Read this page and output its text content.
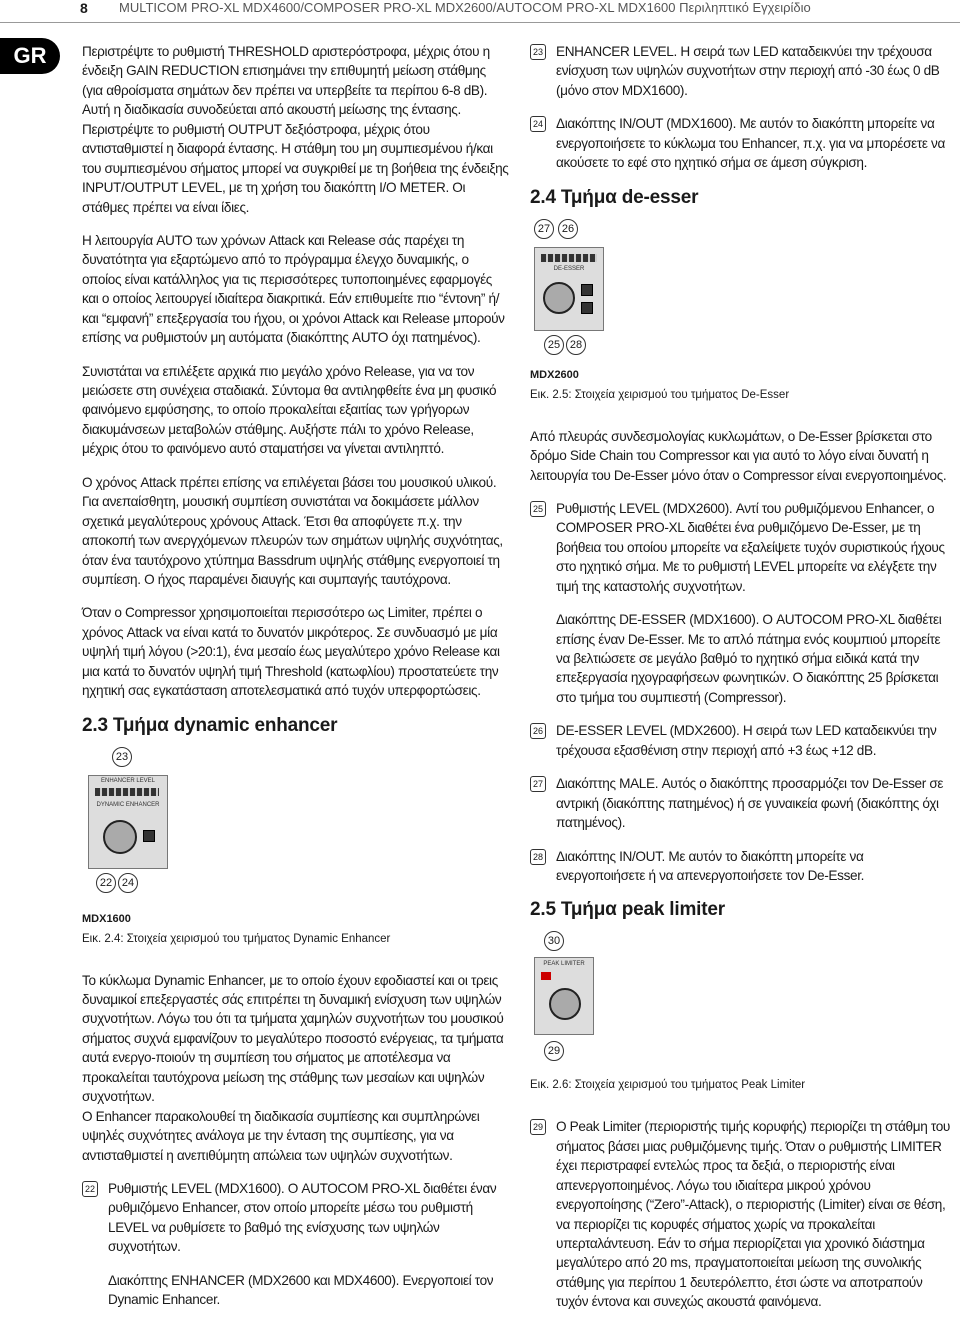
8 MULTICOM PRO-XL MDX4600/COMPOSER PRO-XL MDX2600/AUTOCOM PRO-XL MDX1600 Περιληπτικό Εγχειρίδιο
GR	Περιστρέψτε το ρυθμιστή THRESHOLD αριστερόστροφα, μέχρις ότου η ένδειξη GAIN REDUCTION επισημάνει την επιθυμητή μείωση στάθμης (για αθροίσματα σημάτων δεν πρέπει να υπερβείτε τα περίπου 6-8 dB). Αυτή η διαδικασία συνοδεύεται από ακουστή μείωσης της έντασης. Περιστρέψτε το ρυθμιστή OUTPUT δεξιόστροφα, μέχρις ότου αντισταθμιστεί η διαφορά έντασης. Η στάθμη του μη συμπιεσμένου ή/και του συμπιεσμένου σήματος μπορεί να συγκριθεί με τη βοήθεια της ένδειξης INPUT/OUTPUT LEVEL, με τη χρήση του διακόπτη I/O METER. Οι στάθμες πρέπει να είναι ίδιες.

Η λειτουργία AUTO των χρόνων Attack και Release σάς παρέχει τη δυνατότητα για εξαρτώμενο από το πρόγραμμα έλεγχο δυναμικής, ο οποίος είναι κατάλληλος για τις περισσότερες τυποποιημένες εφαρμογές και ο οποίος λειτουργεί ιδιαίτερα διακριτικά. Εάν επιθυμείτε πιο “έντονη” ή/και “εμφανή” επεξεργασία του ήχου, οι χρόνοι Attack και Release μπορούν επίσης να ρυθμιστούν μη αυτόματα (διακόπτης AUTO όχι πατημένος).

Συνιστάται να επιλέξετε αρχικά πιο μεγάλο χρόνο Release, για να τον μειώσετε στη συνέχεια σταδιακά. Σύντομα θα αντιληφθείτε ένα μη φυσικό φαινόμενο εμφύσησης, το οποίο προκαλείται εξαιτίας των γρήγορων διακυμάνσεων μεταβολών στάθμης. Αυξήστε πάλι το χρόνο Release, μέχρις ότου το φαινόμενο αυτό σταματήσει να γίνεται αντιληπτό.

Ο χρόνος Attack πρέπει επίσης να επιλέγεται βάσει του μουσικού υλικού. Για ανεπαίσθητη, μουσική συμπίεση συνιστάται να δοκιμάσετε μάλλον σχετικά μεγαλύτερους χρόνους Attack. Έτσι θα αποφύγετε π.χ. την αποκοπή των ανεργχόμενων πλευρών των σημάτων υψηλής συχνότητας, όταν ένα ταυτόχρονο χτύπημα Bassdrum υψηλής στάθμης ενεργοποιεί τη συμπίεση. Ο ήχος παραμένει διαυγής και συμπαγής ταυτόχρονα.

Όταν ο Compressor χρησιμοποιείται περισσότερο ως Limiter, πρέπει ο χρόνος Attack να είναι κατά το δυνατόν μικρότερος. Σε συνδυασμό με μία υψηλή τιμή λόγου (>20:1), ένα μεσαίο έως μεγαλύτερο χρόνο Release και μια κατά το δυνατόν υψηλή τιμή Threshold (κατωφλίου) προστατεύετε την ηχητική σας εγκατάσταση αποτελεσματικά από τυχόν υπερφορτώσεις.

2.3 Τμήμα dynamic enhancer
23
ENHANCER LEVEL
DYNAMIC ENHANCER
22 24
MDX1600
Εικ. 2.4: Στοιχεία χειρισμού του τμήματος Dynamic Enhancer

Το κύκλωμα Dynamic Enhancer, με το οποίο έχουν εφοδιαστεί και οι τρεις δυναμικοί επεξεργαστές σάς επιτρέπει τη δυναμική ενίσχυση των υψηλών συχνοτήτων. Λόγω του ότι τα τμήματα χαμηλών συχνοτήτων του μουσικού σήματος συχνά εμφανίζουν το μεγαλύτερο ποσοστό ενέργειας, τα τμήματα αυτά ενεργο-ποιούν τη συμπίεση του σήματος με αποτέλεσμα να προκαλείται ταυτόχρονα μείωση της στάθμης των μεσαίων και υψηλών συχνοτήτων.

Ο Enhancer παρακολουθεί τη διαδικασία συμπίεσης και συμπληρώνει υψηλές συχνότητες ανάλογα με την ένταση της συμπίεσης, για να αντισταθμιστεί η ανεπιθύμητη απώλεια των υψηλών συχνοτήτων.

22 Ρυθμιστής LEVEL (MDX1600). Ο AUTOCOM PRO-XL διαθέτει έναν ρυθμιζόμενο Enhancer, στον οποίο μπορείτε μέσω του ρυθμιστή LEVEL να ρυθμίσετε το βαθμό της ενίσχυσης των υψηλών συχνοτήτων.

Διακόπτης ENHANCER (MDX2600 και MDX4600). Ενεργοποιεί τον Dynamic Enhancer.

23 ENHANCER LEVEL. Η σειρά των LED καταδεικνύει την τρέχουσα ενίσχυση των υψηλών συχνοτήτων στην περιοχή από -30 έως 0 dB (μόνο στον MDX1600).

24 Διακόπτης IN/OUT (MDX1600). Με αυτόν το διακόπτη μπορείτε να ενεργοποιήσετε το κύκλωμα του Enhancer, π.χ. για να μπορέσετε να ακούσετε το εφέ στο ηχητικό σήμα σε άμεση σύγκριση.

2.4 Τμήμα de-esser
27	26
DE-ESSER
25 28
MDX2600
Εικ. 2.5: Στοιχεία χειρισμού του τμήματος De-Esser

Από πλευράς συνδεσμολογίας κυκλωμάτων, ο De-Esser βρίσκεται στο δρόμο Side Chain του Compressor και για αυτό το λόγο είναι δυνατή η λειτουργία του De-Esser μόνο όταν ο Compressor είναι ενεργοποιημένος.

25 Ρυθμιστής LEVEL (MDX2600). Αντί του ρυθμιζόμενου Enhancer, ο COMPOSER PRO-XL διαθέτει ένα ρυθμιζόμενο De-Esser, με τη βοήθεια του οποίου μπορείτε να εξαλείψετε τυχόν συριστικούς ήχους στο ηχητικό σήμα. Με το ρυθμιστή LEVEL μπορείτε να ελέγξετε την τιμή της καταστολής συχνοτήτων.

Διακόπτης DE-ESSER (MDX1600). Ο AUTOCOM PRO-XL διαθέτει επίσης έναν De-Esser. Με το απλό πάτημα ενός κουμπιού μπορείτε να βελτιώσετε σε μεγάλο βαθμό το ηχητικό σήμα ειδικά κατά την επεξεργασία ηχογραφήσεων φωνητικών. Ο διακόπτης 25 βρίσκεται στο τμήμα του συμπιεστή (Compressor).

26 DE-ESSER LEVEL (MDX2600). Η σειρά των LED καταδεικνύει την τρέχουσα εξασθένιση στην περιοχή από +3 έως +12 dB.

27 Διακόπτης MALE. Αυτός ο διακόπτης προσαρμόζει τον De-Esser σε αντρική (διακόπτης πατημένος) ή σε γυναικεία φωνή (διακόπτης όχι πατημένος).

28 Διακόπτης IN/OUT. Με αυτόν το διακόπτη μπορείτε να ενεργοποιήσετε ή να απενεργοποιήσετε τον De-Esser.

2.5 Τμήμα peak limiter
30
PEAK LIMITER
29
Εικ. 2.6: Στοιχεία χειρισμού του τμήματος Peak Limiter
29 Ο Peak Limiter (περιοριστής τιμής κορυφής) περιορίζει τη στάθμη του σήματος βάσει μιας ρυθμιζόμενης τιμής. Όταν ο ρυθμιστής LIMITER έχει περιστραφεί εντελώς προς τα δεξιά, ο περιοριστής είναι απενεργοποιημένος. Λόγω του ιδιαίτερα μικρού χρόνου ενεργοποίησης (“Zero”-Attack), ο περιοριστής (Limiter) είναι σε θέση, να περιορίζει τις κορυφές σήματος χωρίς να προκαλείται υπερταλάντευση. Εάν το σήμα περιορίζεται για χρονικό διάστημα μεγαλύτερο από 20 ms, πραγματοποιείται μείωση της συνολικής στάθμης για περίπου 1 δευτερόλεπτο, έτσι ώστε να αποτραπούν τυχόν έντονα και συνεχώς ακουστά φαινόμενα.
